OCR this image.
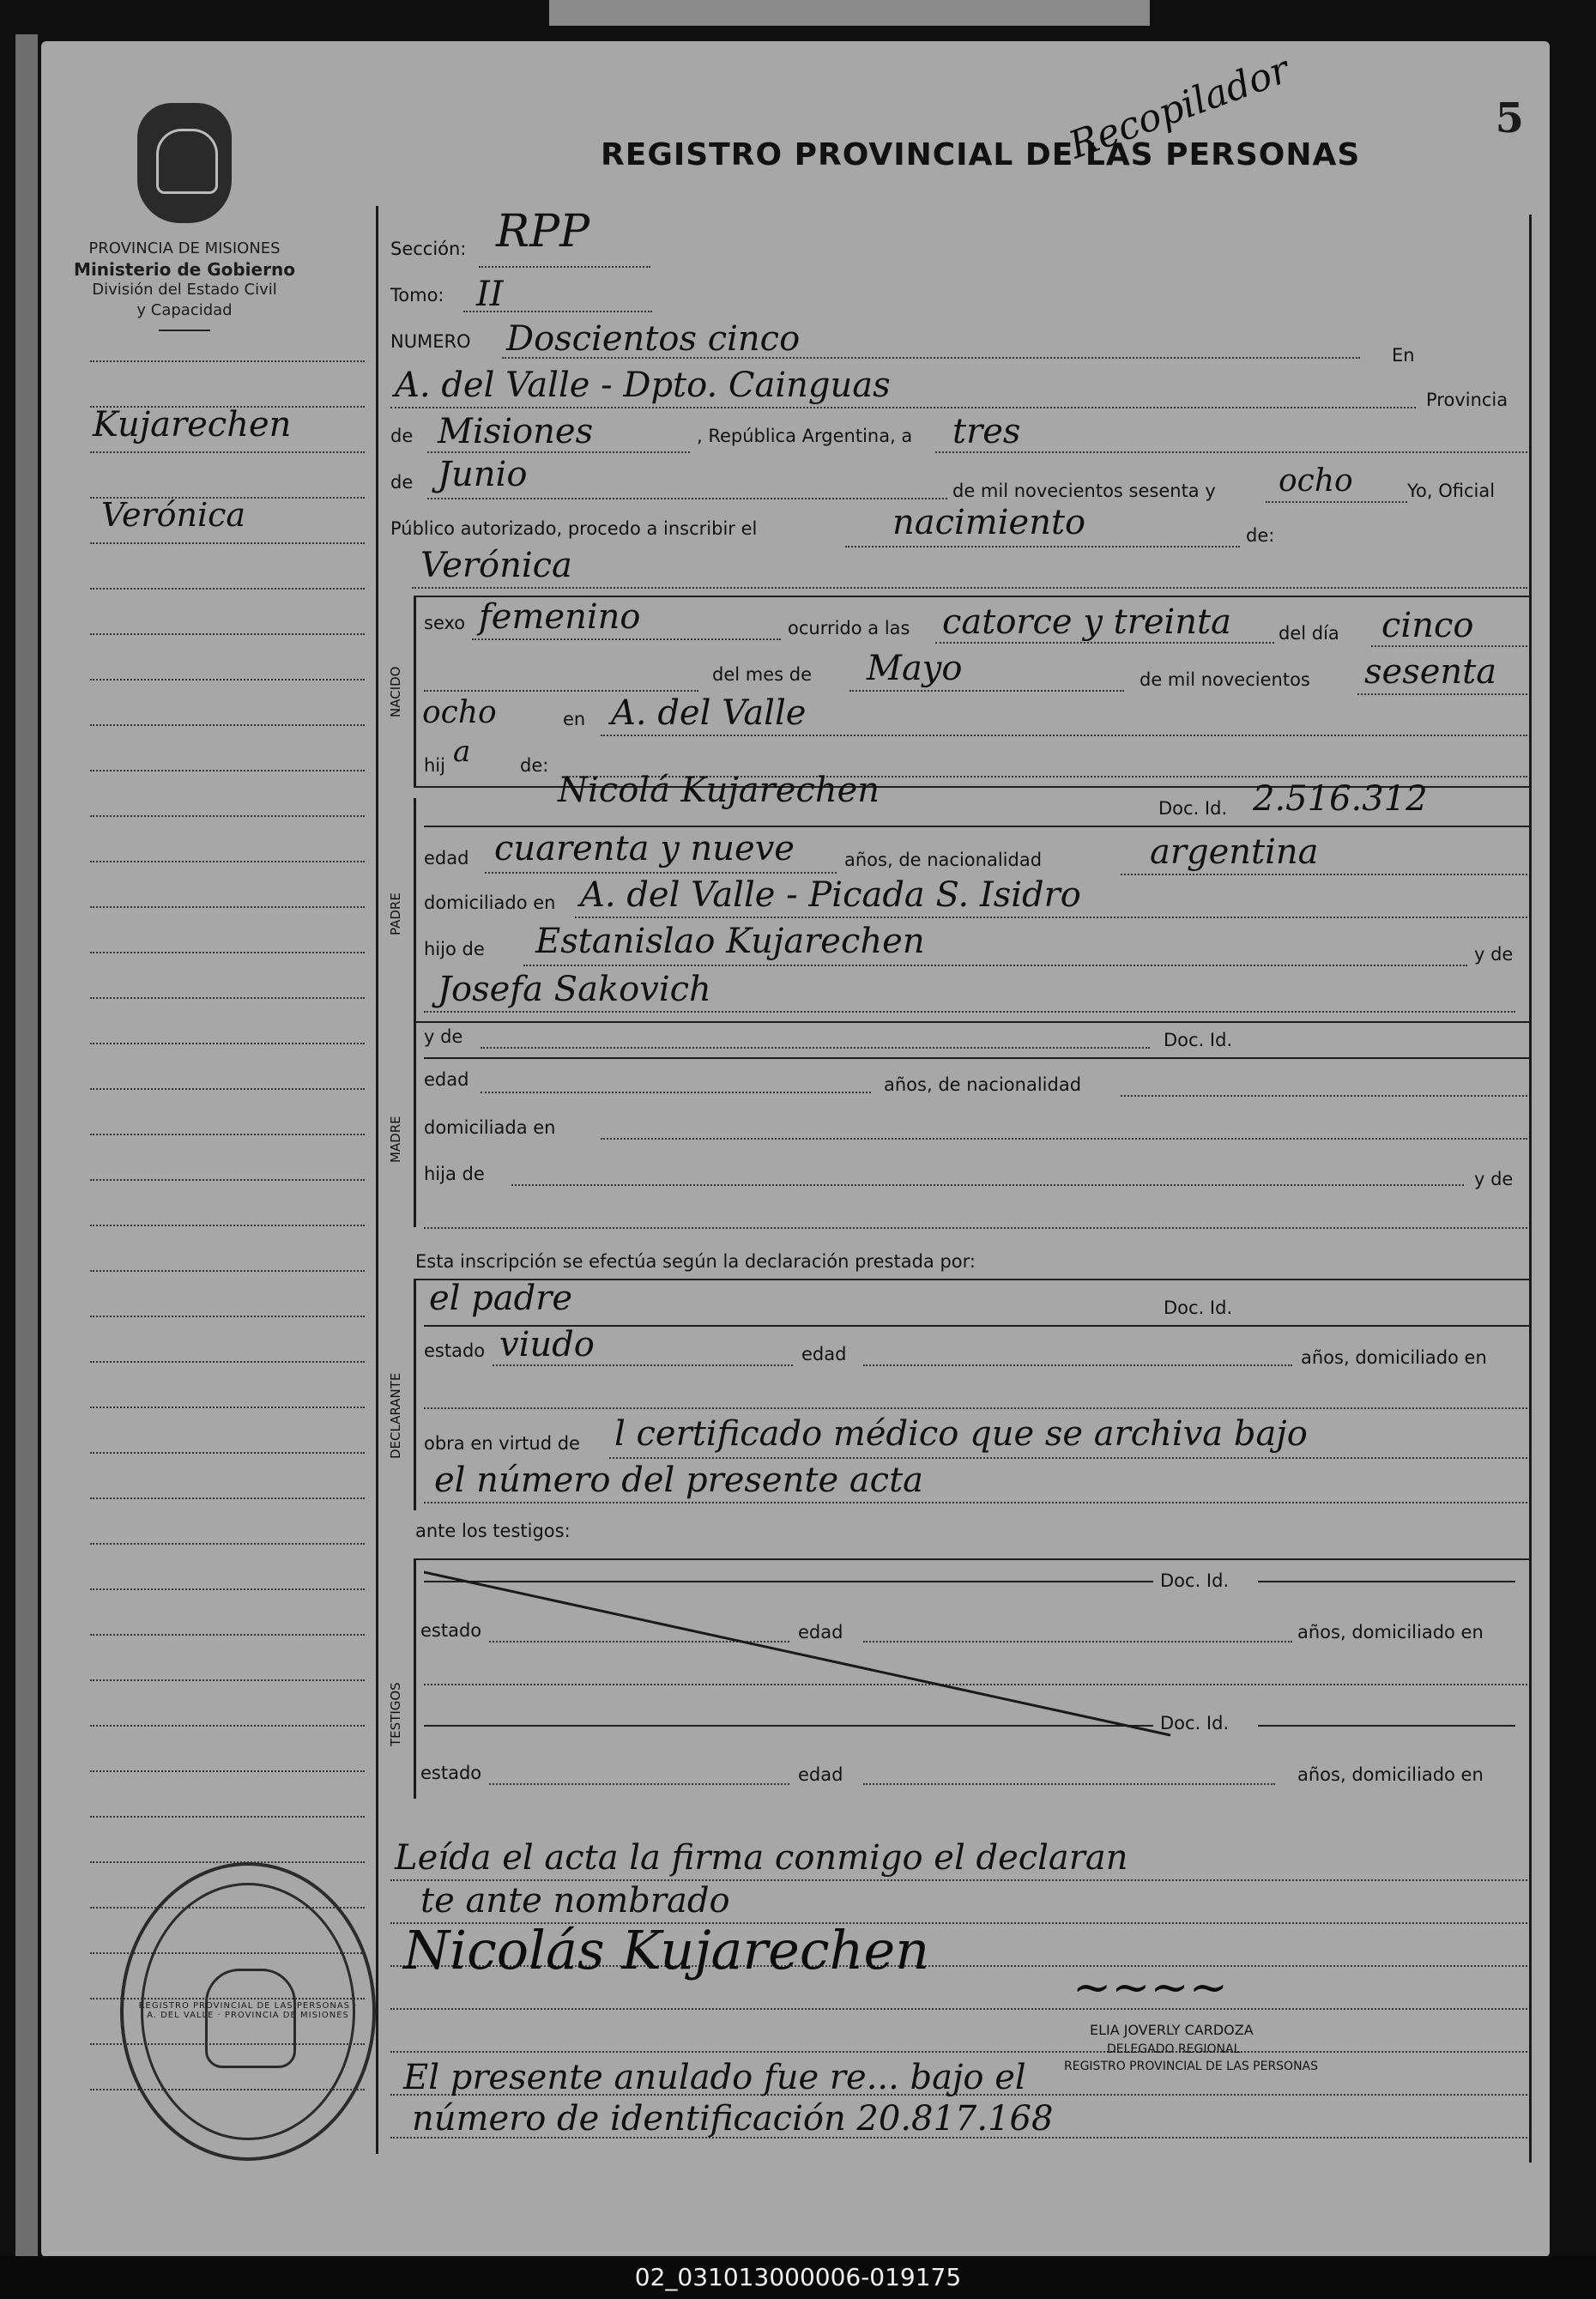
5
PROVINCIA DE MISIONES
Ministerio de Gobierno
División del Estado Civil
y Capacidad
REGISTRO PROVINCIAL DE LAS PERSONAS
Recopilador
Kujarechen
Verónica
Sección: RPP
Tomo: II
NUMERO Doscientos cinco	En
A. del Valle - Dpto. Cainguas	Provincia
de Misiones	, República Argentina, a tres
de Junio	de mil novecientos sesenta y ocho	Yo, Oficial
Público autorizado, procedo a inscribir el	nacimiento	de:
Verónica
NACIDO
sexo femenino	ocurrido a las catorce y treinta	del día cinco
del mes de Mayo	de mil novecientos sesenta
ocho	en A. del Valle
hij a	de:
PADRE
Nicolá Kujarechen	Doc. Id. 2.516.312
edad cuarenta y nueve	años, de nacionalidad	argentina
domiciliado en A. del Valle - Picada S. Isidro
hijo de Estanislao Kujarechen	y de
Josefa Sakovich
MADRE
y de	Doc. Id.
edad	años, de nacionalidad
domiciliada en
hija de	y de
Esta inscripción se efectúa según la declaración prestada por:
DECLARANTE
el padre	Doc. Id.
estado viudo	edad	años, domiciliado en
obra en virtud de l certificado médico que se archiva bajo
el número del presente acta
ante los testigos:
TESTIGOS
Doc. Id.
estado	edad	años, domiciliado en
Doc. Id.
estado	edad	años, domiciliado en
Leída el acta la firma conmigo el declaran
te ante nombrado
Nicolás Kujarechen
~~~~
ELIA JOVERLY CARDOZA
DELEGADO REGIONAL
REGISTRO PROVINCIAL DE LAS PERSONAS
El presente anulado fue re... bajo el
número de identificación 20.817.168
REGISTRO PROVINCIAL DE LAS PERSONAS · A. DEL VALLE · PROVINCIA DE MISIONES
02_031013000006-019175
